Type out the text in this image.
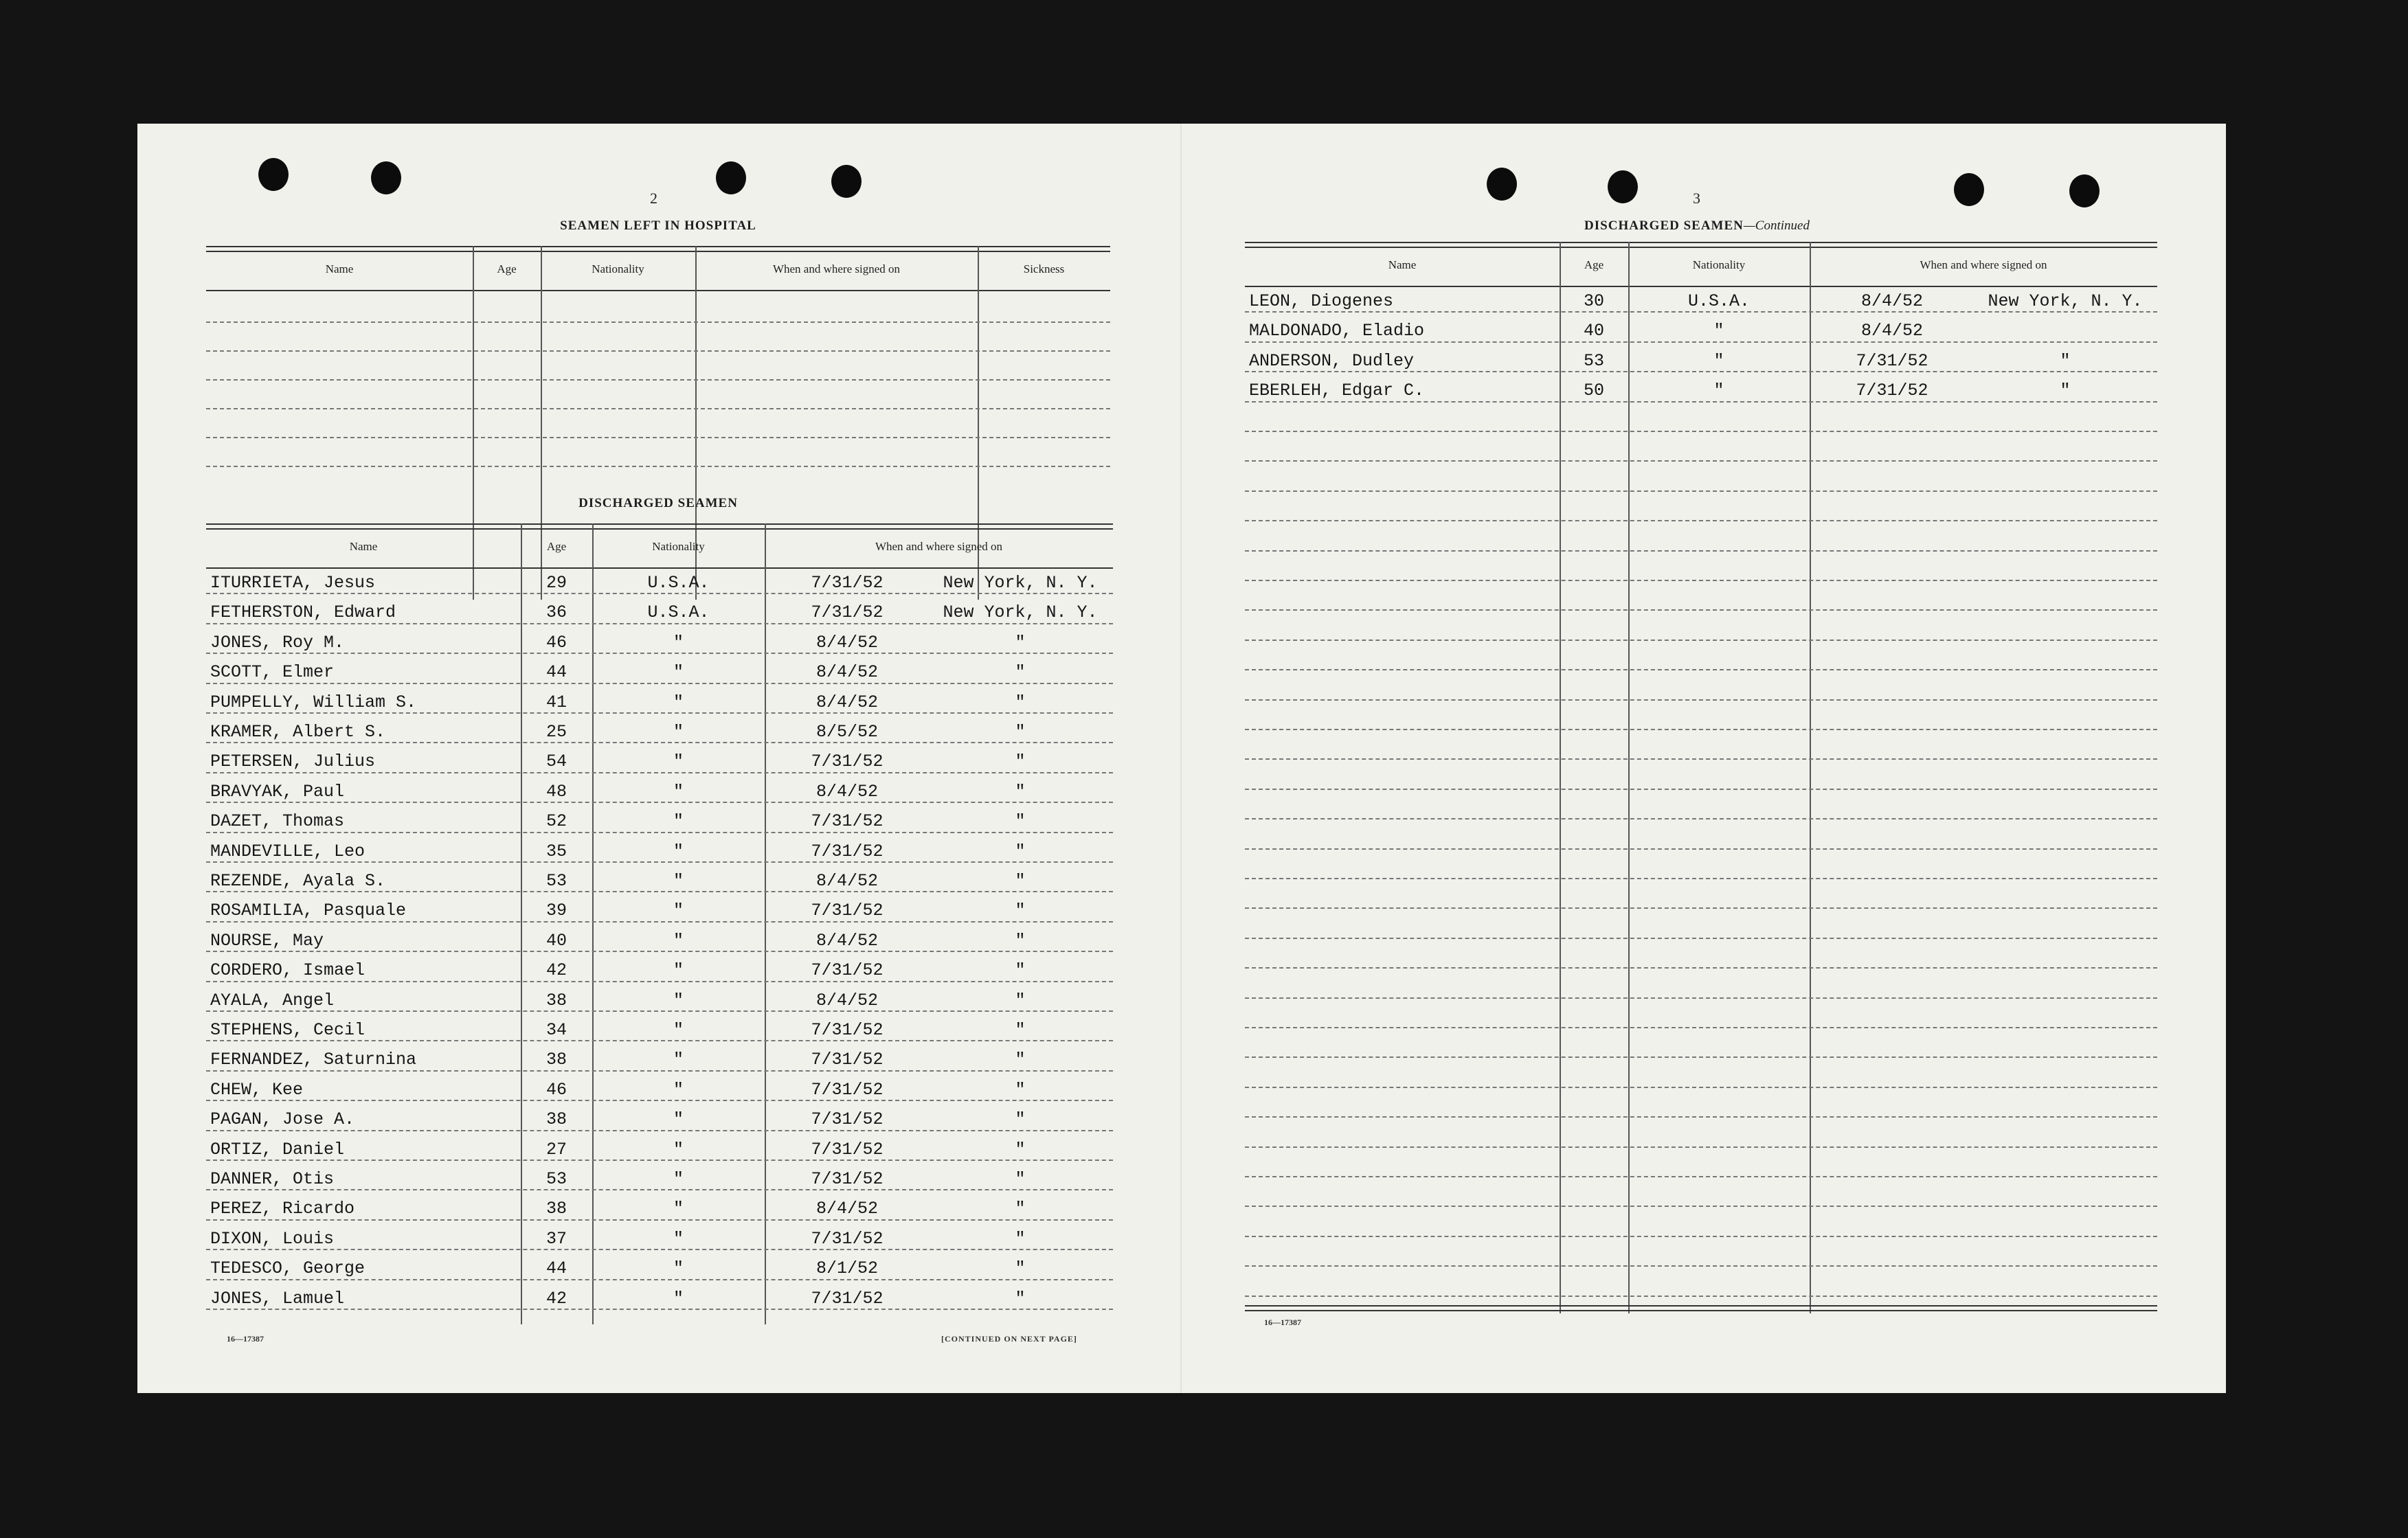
2
SEAMEN LEFT IN HOSPITAL
Name	Age	Nationality	When and where signed on	Sickness
DISCHARGED SEAMEN
Name	Age	Nationality	When and where signed on
ITURRIETA, Jesus	29	U.S.A.	7/31/52	New York, N. Y.
FETHERSTON, Edward	36	U.S.A.	7/31/52	New York, N. Y.
JONES, Roy M.	46	"	8/4/52	"
SCOTT, Elmer	44	"	8/4/52	"
PUMPELLY, William S.	41	"	8/4/52	"
KRAMER, Albert S.	25	"	8/5/52	"
PETERSEN, Julius	54	"	7/31/52	"
BRAVYAK, Paul	48	"	8/4/52	"
DAZET, Thomas	52	"	7/31/52	"
MANDEVILLE, Leo	35	"	7/31/52	"
REZENDE, Ayala S.	53	"	8/4/52	"
ROSAMILIA, Pasquale	39	"	7/31/52	"
NOURSE, May	40	"	8/4/52	"
CORDERO, Ismael	42	"	7/31/52	"
AYALA, Angel	38	"	8/4/52	"
STEPHENS, Cecil	34	"	7/31/52	"
FERNANDEZ, Saturnina	38	"	7/31/52	"
CHEW, Kee	46	"	7/31/52	"
PAGAN, Jose A.	38	"	7/31/52	"
ORTIZ, Daniel	27	"	7/31/52	"
DANNER, Otis	53	"	7/31/52	"
PEREZ, Ricardo	38	"	8/4/52	"
DIXON, Louis	37	"	7/31/52	"
TEDESCO, George	44	"	8/1/52	"
JONES, Lamuel	42	"	7/31/52	"
16—17387	[CONTINUED ON NEXT PAGE]
3
DISCHARGED SEAMEN—Continued
Name	Age	Nationality	When and where signed on
LEON, Diogenes	30	U.S.A.	8/4/52	New York, N. Y.
MALDONADO, Eladio	40	"	8/4/52
ANDERSON, Dudley	53	"	7/31/52	"
EBERLEH, Edgar C.	50	"	7/31/52	"
16—17387
